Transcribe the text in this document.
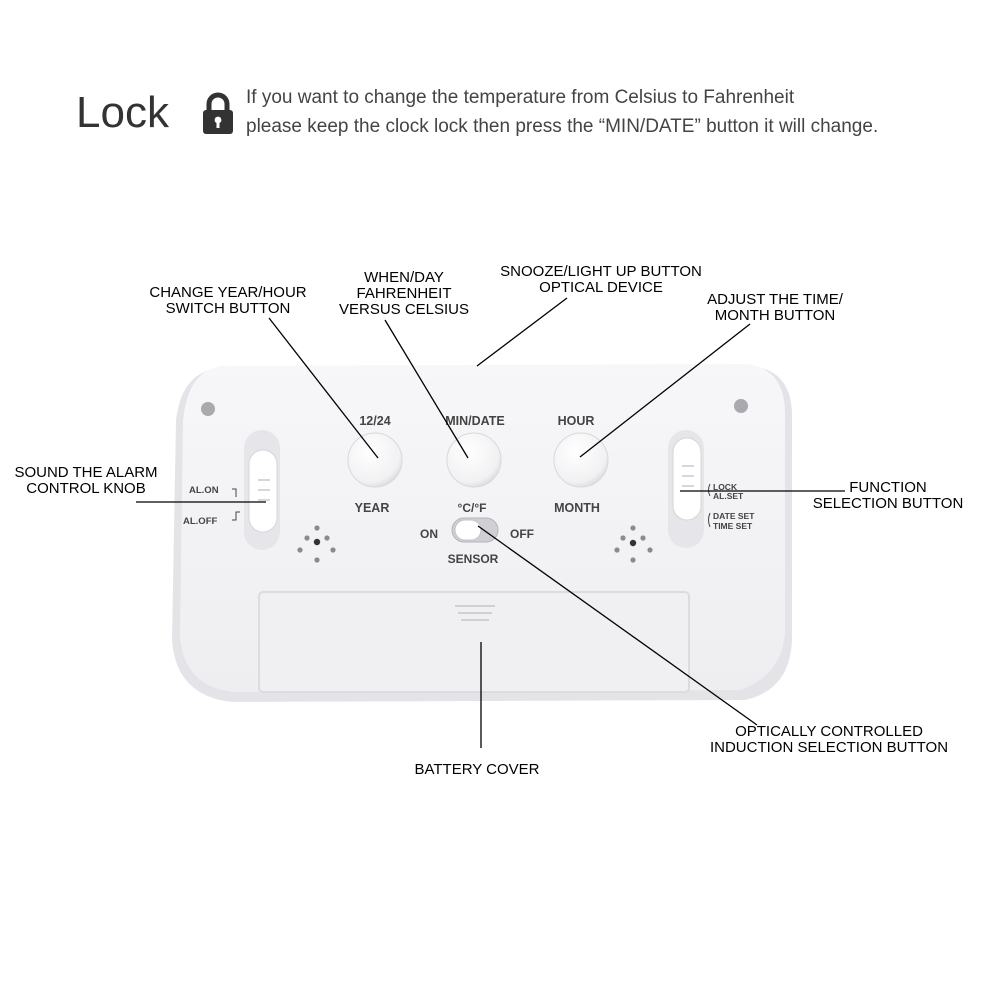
Lock	If you want to change the temperature from Celsius to Fahrenheit
please keep the clock lock then press the “MIN/DATE” button it will change.
12/24	MIN/DATE	HOUR
YEAR	°C/°F	MONTH
ON	OFF
SENSOR
AL.ON
AL.OFF
LOCK
AL.SET
DATE SET
TIME SET
CHANGE YEAR/HOUR
SWITCH BUTTON
WHEN/DAY
FAHRENHEIT
VERSUS CELSIUS
SNOOZE/LIGHT UP BUTTON
OPTICAL DEVICE
ADJUST THE TIME/
MONTH BUTTON
SOUND THE ALARM
CONTROL KNOB	FUNCTION
SELECTION BUTTON
OPTICALLY CONTROLLED
INDUCTION SELECTION BUTTON
BATTERY COVER
